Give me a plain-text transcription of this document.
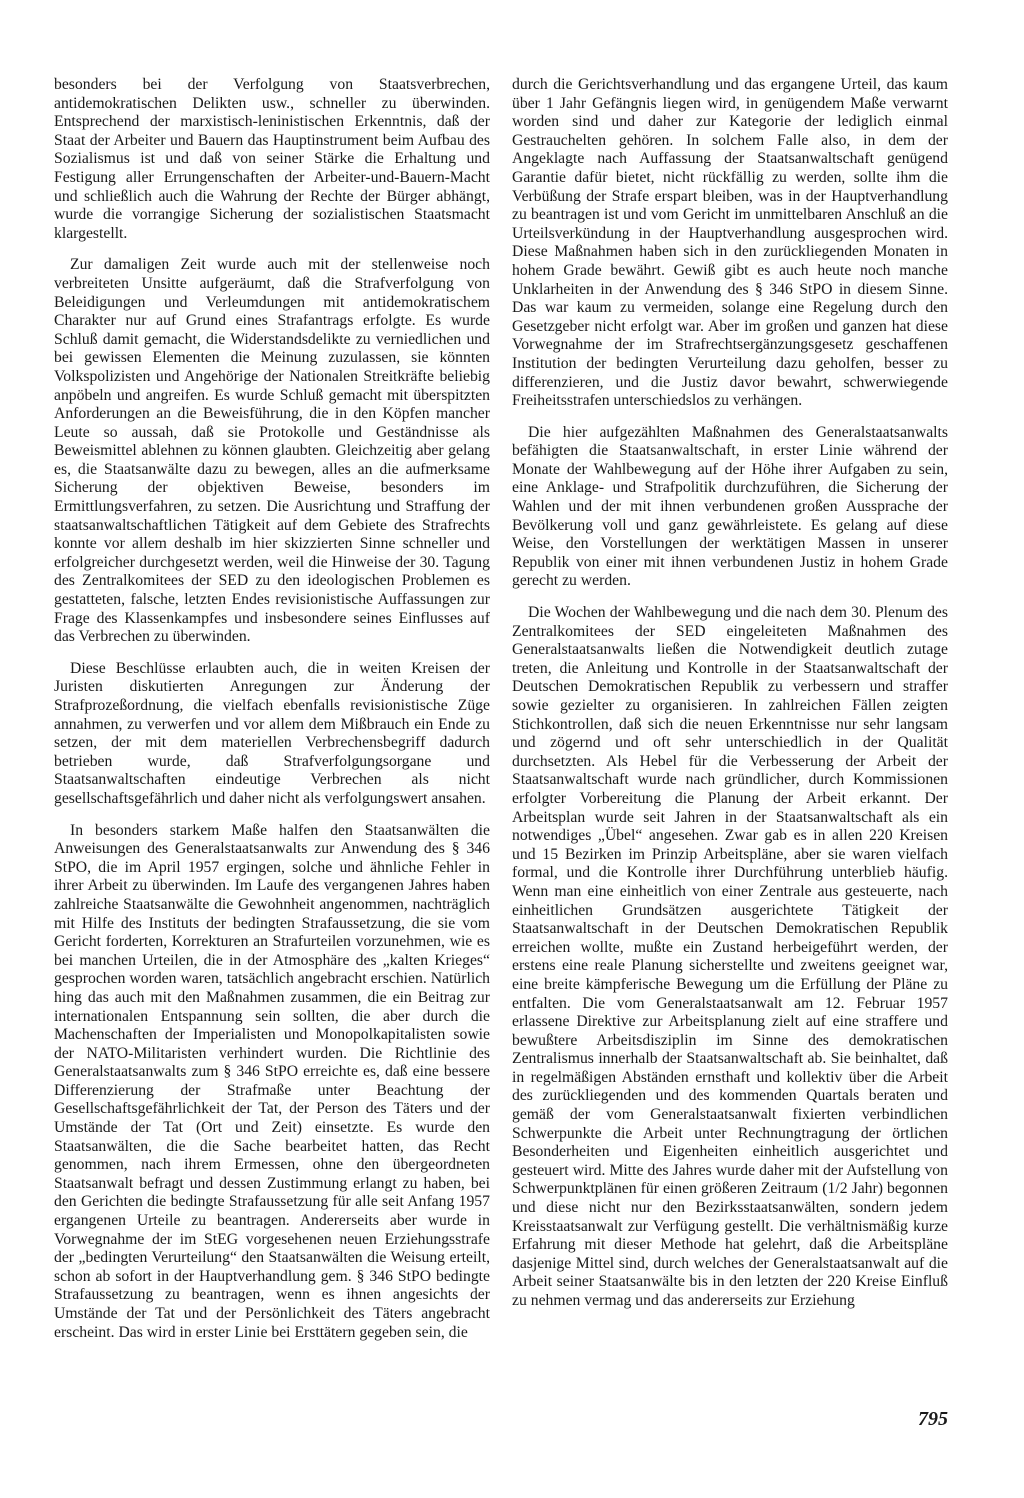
besonders bei der Verfolgung von Staatsverbrechen, antidemokratischen Delikten usw., schneller zu überwinden. Entsprechend der marxistisch-leninistischen Erkenntnis, daß der Staat der Arbeiter und Bauern das Hauptinstrument beim Aufbau des Sozialismus ist und daß von seiner Stärke die Erhaltung und Festigung aller Errungenschaften der Arbeiter-und-Bauern-Macht und schließlich auch die Wahrung der Rechte der Bürger abhängt, wurde die vorrangige Sicherung der sozialistischen Staatsmacht klargestellt.

Zur damaligen Zeit wurde auch mit der stellenweise noch verbreiteten Unsitte aufgeräumt, daß die Strafverfolgung von Beleidigungen und Verleumdungen mit antidemokratischem Charakter nur auf Grund eines Strafantrags erfolgte. Es wurde Schluß damit gemacht, die Widerstandsdelikte zu verniedlichen und bei gewissen Elementen die Meinung zuzulassen, sie könnten Volkspolizisten und Angehörige der Nationalen Streitkräfte beliebig anpöbeln und angreifen. Es wurde Schluß gemacht mit überspitzten Anforderungen an die Beweisführung, die in den Köpfen mancher Leute so aussah, daß sie Protokolle und Geständnisse als Beweismittel ablehnen zu können glaubten. Gleichzeitig aber gelang es, die Staatsanwälte dazu zu bewegen, alles an die aufmerksame Sicherung der objektiven Beweise, besonders im Ermittlungsverfahren, zu setzen. Die Ausrichtung und Straffung der staatsanwaltschaftlichen Tätigkeit auf dem Gebiete des Strafrechts konnte vor allem deshalb im hier skizzierten Sinne schneller und erfolgreicher durchgesetzt werden, weil die Hinweise der 30. Tagung des Zentralkomitees der SED zu den ideologischen Problemen es gestatteten, falsche, letzten Endes revisionistische Auffassungen zur Frage des Klassenkampfes und insbesondere seines Einflusses auf das Verbrechen zu überwinden.

Diese Beschlüsse erlaubten auch, die in weiten Kreisen der Juristen diskutierten Anregungen zur Änderung der Strafprozeßordnung, die vielfach ebenfalls revisionistische Züge annahmen, zu verwerfen und vor allem dem Mißbrauch ein Ende zu setzen, der mit dem materiellen Verbrechensbegriff dadurch betrieben wurde, daß Strafverfolgungsorgane und Staatsanwaltschaften eindeutige Verbrechen als nicht gesellschaftsgefährlich und daher nicht als verfolgungswert ansahen.

In besonders starkem Maße halfen den Staatsanwälten die Anweisungen des Generalstaatsanwalts zur Anwendung des § 346 StPO, die im April 1957 ergingen, solche und ähnliche Fehler in ihrer Arbeit zu überwinden. Im Laufe des vergangenen Jahres haben zahlreiche Staatsanwälte die Gewohnheit angenommen, nachträglich mit Hilfe des Instituts der bedingten Strafaussetzung, die sie vom Gericht forderten, Korrekturen an Strafurteilen vorzunehmen, wie es bei manchen Urteilen, die in der Atmosphäre des „kalten Krieges“ gesprochen worden waren, tatsächlich angebracht erschien. Natürlich hing das auch mit den Maßnahmen zusammen, die ein Beitrag zur internationalen Entspannung sein sollten, die aber durch die Machenschaften der Imperialisten und Monopolkapitalisten sowie der NATO-Militaristen verhindert wurden. Die Richtlinie des Generalstaatsanwalts zum § 346 StPO erreichte es, daß eine bessere Differenzierung der Strafmaße unter Beachtung der Gesellschaftsgefährlichkeit der Tat, der Person des Täters und der Umstände der Tat (Ort und Zeit) einsetzte. Es wurde den Staatsanwälten, die die Sache bearbeitet hatten, das Recht genommen, nach ihrem Ermessen, ohne den übergeordneten Staatsanwalt befragt und dessen Zustimmung erlangt zu haben, bei den Gerichten die bedingte Strafaussetzung für alle seit Anfang 1957 ergangenen Urteile zu beantragen. Andererseits aber wurde in Vorwegnahme der im StEG vorgesehenen neuen Erziehungsstrafe der „bedingten Verurteilung“ den Staatsanwälten die Weisung erteilt, schon ab sofort in der Hauptverhandlung gem. § 346 StPO bedingte Strafaussetzung zu beantragen, wenn es ihnen angesichts der Umstände der Tat und der Persönlichkeit des Täters angebracht erscheint. Das wird in erster Linie bei Ersttätern gegeben sein, die

durch die Gerichtsverhandlung und das ergangene Urteil, das kaum über 1 Jahr Gefängnis liegen wird, in genügendem Maße verwarnt worden sind und daher zur Kategorie der lediglich einmal Gestrauchelten gehören. In solchem Falle also, in dem der Angeklagte nach Auffassung der Staatsanwaltschaft genügend Garantie dafür bietet, nicht rückfällig zu werden, sollte ihm die Verbüßung der Strafe erspart bleiben, was in der Hauptverhandlung zu beantragen ist und vom Gericht im unmittelbaren Anschluß an die Urteilsverkündung in der Hauptverhandlung ausgesprochen wird. Diese Maßnahmen haben sich in den zurückliegenden Monaten in hohem Grade bewährt. Gewiß gibt es auch heute noch manche Unklarheiten in der Anwendung des § 346 StPO in diesem Sinne. Das war kaum zu vermeiden, solange eine Regelung durch den Gesetzgeber nicht erfolgt war. Aber im großen und ganzen hat diese Vorwegnahme der im Strafrechtsergänzungsgesetz geschaffenen Institution der bedingten Verurteilung dazu geholfen, besser zu differenzieren, und die Justiz davor bewahrt, schwerwiegende Freiheitsstrafen unterschiedslos zu verhängen.

Die hier aufgezählten Maßnahmen des Generalstaatsanwalts befähigten die Staatsanwaltschaft, in erster Linie während der Monate der Wahlbewegung auf der Höhe ihrer Aufgaben zu sein, eine Anklage- und Strafpolitik durchzuführen, die Sicherung der Wahlen und der mit ihnen verbundenen großen Aussprache der Bevölkerung voll und ganz gewährleistete. Es gelang auf diese Weise, den Vorstellungen der werktätigen Massen in unserer Republik von einer mit ihnen verbundenen Justiz in hohem Grade gerecht zu werden.

Die Wochen der Wahlbewegung und die nach dem 30. Plenum des Zentralkomitees der SED eingeleiteten Maßnahmen des Generalstaatsanwalts ließen die Notwendigkeit deutlich zutage treten, die Anleitung und Kontrolle in der Staatsanwaltschaft der Deutschen Demokratischen Republik zu verbessern und straffer sowie gezielter zu organisieren. In zahlreichen Fällen zeigten Stichkontrollen, daß sich die neuen Erkenntnisse nur sehr langsam und zögernd und oft sehr unterschiedlich in der Qualität durchsetzten. Als Hebel für die Verbesserung der Arbeit der Staatsanwaltschaft wurde nach gründlicher, durch Kommissionen erfolgter Vorbereitung die Planung der Arbeit erkannt. Der Arbeitsplan wurde seit Jahren in der Staatsanwaltschaft als ein notwendiges „Übel“ angesehen. Zwar gab es in allen 220 Kreisen und 15 Bezirken im Prinzip Arbeitspläne, aber sie waren vielfach formal, und die Kontrolle ihrer Durchführung unterblieb häufig. Wenn man eine einheitlich von einer Zentrale aus gesteuerte, nach einheitlichen Grundsätzen ausgerichtete Tätigkeit der Staatsanwaltschaft in der Deutschen Demokratischen Republik erreichen wollte, mußte ein Zustand herbeigeführt werden, der erstens eine reale Planung sicherstellte und zweitens geeignet war, eine breite kämpferische Bewegung um die Erfüllung der Pläne zu entfalten. Die vom Generalstaatsanwalt am 12. Februar 1957 erlassene Direktive zur Arbeitsplanung zielt auf eine straffere und bewußtere Arbeitsdisziplin im Sinne des demokratischen Zentralismus innerhalb der Staatsanwaltschaft ab. Sie beinhaltet, daß in regelmäßigen Abständen ernsthaft und kollektiv über die Arbeit des zurückliegenden und des kommenden Quartals beraten und gemäß der vom Generalstaatsanwalt fixierten verbindlichen Schwerpunkte die Arbeit unter Rechnungtragung der örtlichen Besonderheiten und Eigenheiten einheitlich ausgerichtet und gesteuert wird. Mitte des Jahres wurde daher mit der Aufstellung von Schwerpunktplänen für einen größeren Zeitraum (1/2 Jahr) begonnen und diese nicht nur den Bezirksstaatsanwälten, sondern jedem Kreisstaatsanwalt zur Verfügung gestellt. Die verhältnismäßig kurze Erfahrung mit dieser Methode hat gelehrt, daß die Arbeitspläne dasjenige Mittel sind, durch welches der Generalstaatsanwalt auf die Arbeit seiner Staatsanwälte bis in den letzten der 220 Kreise Einfluß zu nehmen vermag und das andererseits zur Erziehung

795
